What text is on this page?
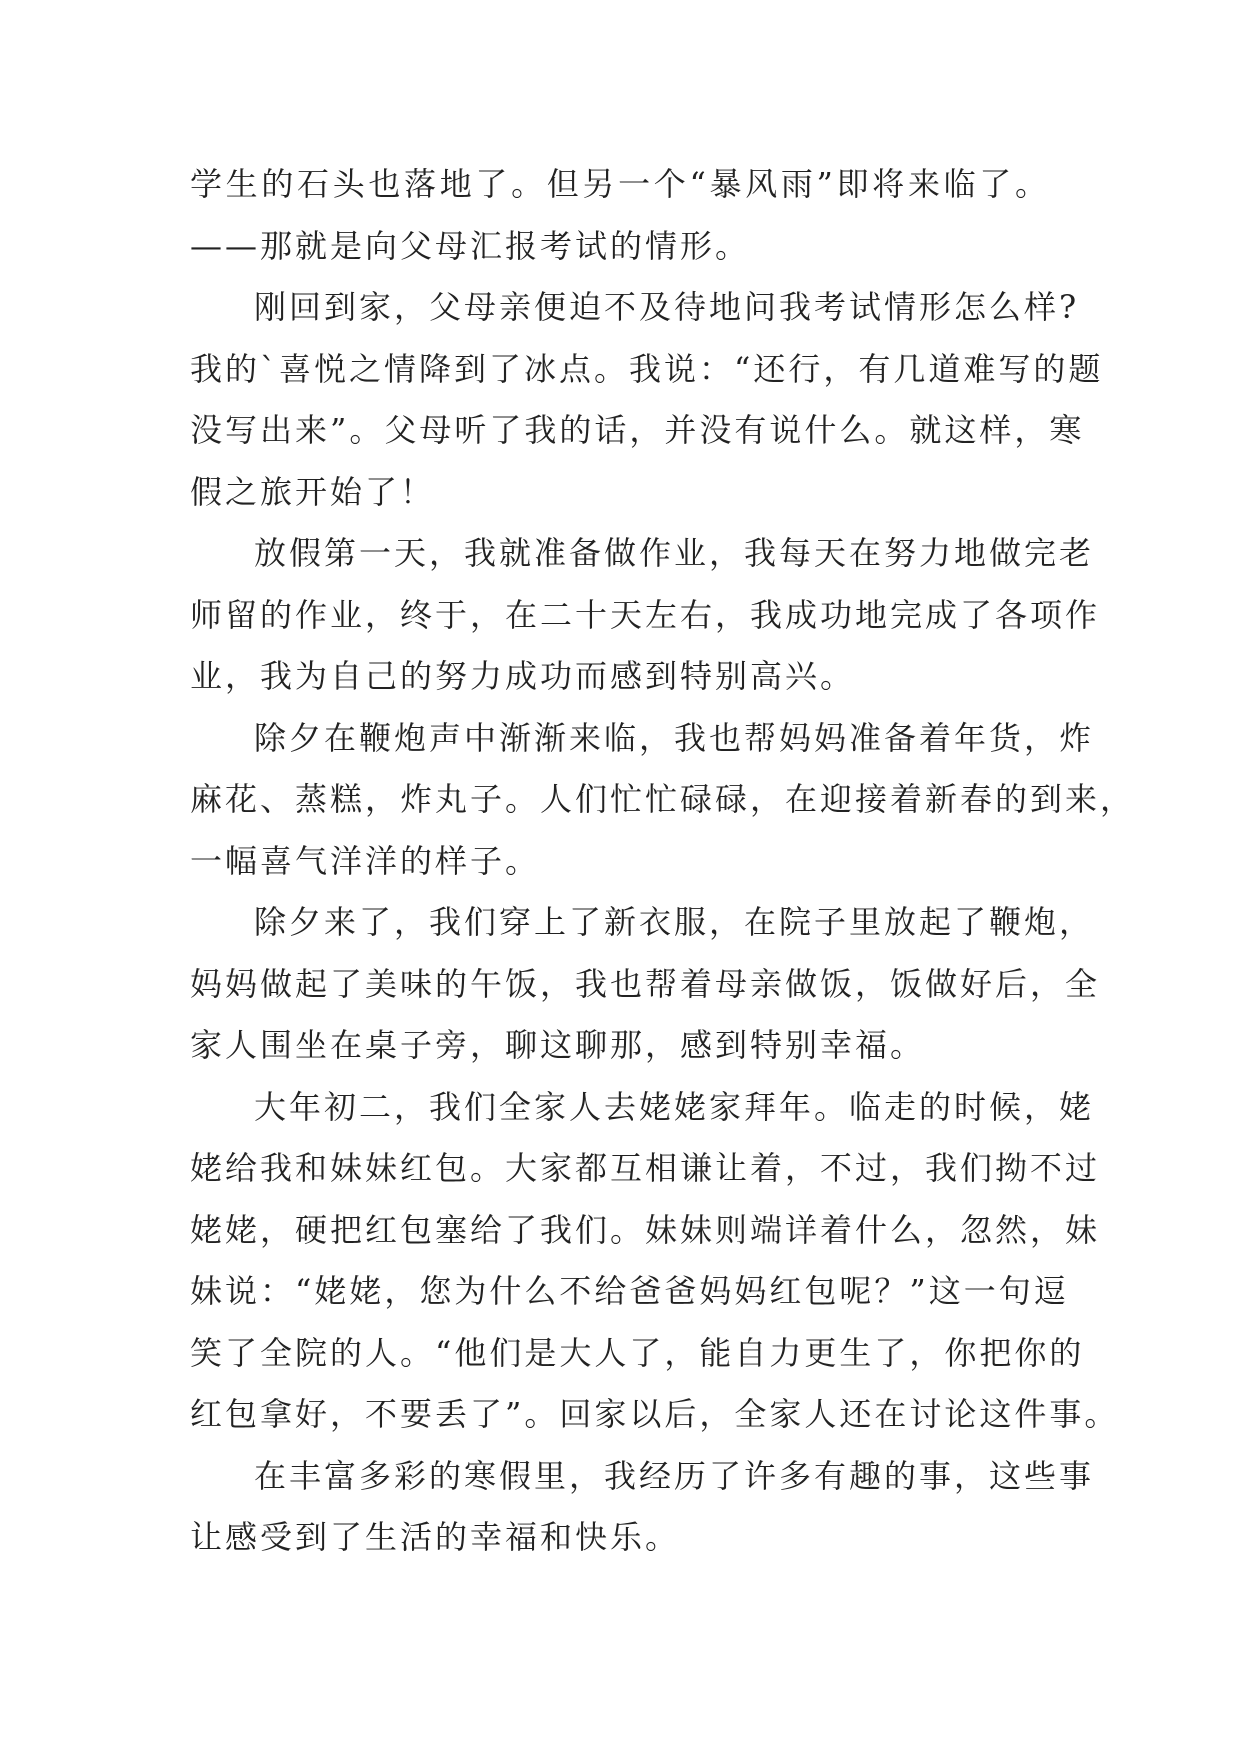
学生的石头也落地了。但另一个“暴风雨”即将来临了。
——那就是向父母汇报考试的情形。
刚回到家，父母亲便迫不及待地问我考试情形怎么样?
我的`喜悦之情降到了冰点。我说：“还行，有几道难写的题
没写出来”。父母听了我的话，并没有说什么。就这样，寒
假之旅开始了！
放假第一天，我就准备做作业，我每天在努力地做完老
师留的作业，终于，在二十天左右，我成功地完成了各项作
业，我为自己的努力成功而感到特别高兴。
除夕在鞭炮声中渐渐来临，我也帮妈妈准备着年货，炸
麻花、蒸糕，炸丸子。人们忙忙碌碌，在迎接着新春的到来，
一幅喜气洋洋的样子。
除夕来了，我们穿上了新衣服，在院子里放起了鞭炮，
妈妈做起了美味的午饭，我也帮着母亲做饭，饭做好后，全
家人围坐在桌子旁，聊这聊那，感到特别幸福。
大年初二，我们全家人去姥姥家拜年。临走的时候，姥
姥给我和妹妹红包。大家都互相谦让着，不过，我们拗不过
姥姥，硬把红包塞给了我们。妹妹则端详着什么，忽然，妹
妹说：“姥姥，您为什么不给爸爸妈妈红包呢？”这一句逗
笑了全院的人。“他们是大人了，能自力更生了，你把你的
红包拿好，不要丢了”。回家以后，全家人还在讨论这件事。
在丰富多彩的寒假里，我经历了许多有趣的事，这些事
让感受到了生活的幸福和快乐。
